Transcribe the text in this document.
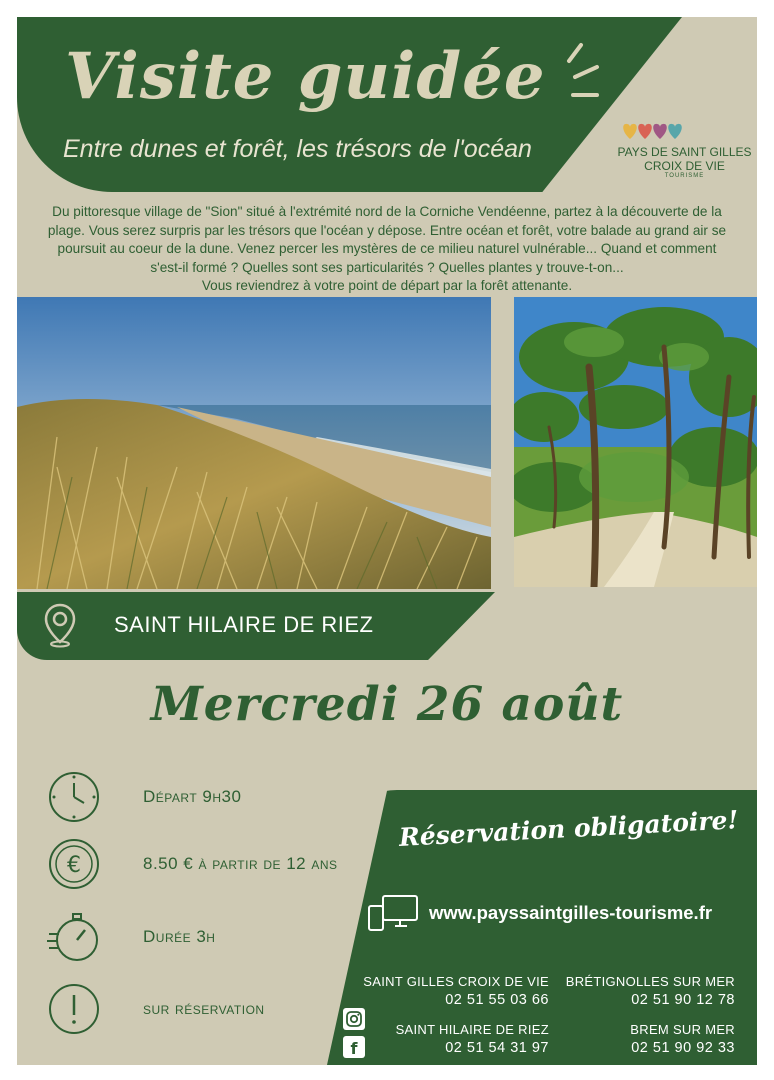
Visite guidée
Entre dunes et forêt, les trésors de l'océan	PAYS DE SAINT GILLES
CROIX DE VIE
TOURISME
Du pittoresque village de "Sion" situé à l'extrémité nord de la Corniche Vendéenne, partez à la découverte de la
plage. Vous serez surpris par les trésors que l'océan y dépose. Entre océan et forêt, votre balade au grand air se
poursuit au coeur de la dune. Venez percer les mystères de ce milieu naturel vulnérable... Quand et comment
s'est-il formé ? Quelles sont ses particularités ? Quelles plantes y trouve-t-on...
Vous reviendrez à votre point de départ par la forêt attenante.
SAINT HILAIRE DE RIEZ
Mercredi 26 août
Départ 9h30
€	8.50 € à partir de 12 ans
Durée 3h
sur réservation
Réservation obligatoire!
www.payssaintgilles-tourisme.fr
SAINT GILLES CROIX DE VIE
02 51 55 03 66
BRÉTIGNOLLES SUR MER
02 51 90 12 78
SAINT HILAIRE DE RIEZ
02 51 54 31 97
BREM SUR MER
02 51 90 92 33
f
